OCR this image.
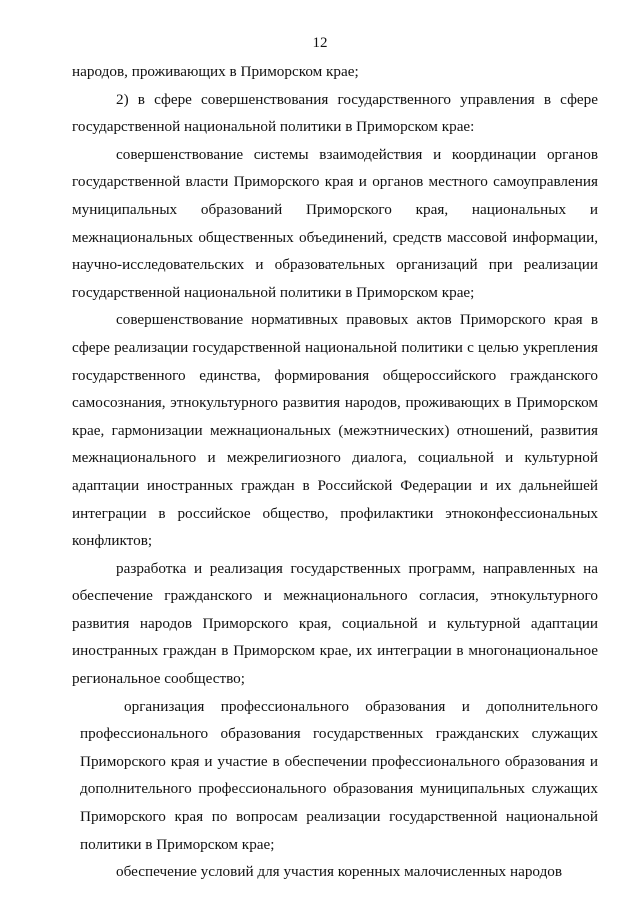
12

народов, проживающих в Приморском крае;

2) в сфере совершенствования государственного управления в сфере государственной национальной политики в Приморском крае:

совершенствование системы взаимодействия и координации органов государственной власти Приморского края и органов местного самоуправления муниципальных образований Приморского края, национальных и межнациональных общественных объединений, средств массовой информации, научно-исследовательских и образовательных организаций при реализации государственной национальной политики в Приморском крае;

совершенствование нормативных правовых актов Приморского края в сфере реализации государственной национальной политики с целью укрепления государственного единства, формирования общероссийского гражданского самосознания, этнокультурного развития народов, проживающих в Приморском крае, гармонизации межнациональных (межэтнических) отношений, развития межнационального и межрелигиозного диалога, социальной и культурной адаптации иностранных граждан в Российской Федерации и их дальнейшей интеграции в российское общество, профилактики этноконфессиональных конфликтов;

разработка и реализация государственных программ, направленных на обеспечение гражданского и межнационального согласия, этнокультурного развития народов Приморского края, социальной и культурной адаптации иностранных граждан в Приморском крае, их интеграции в многонациональное региональное сообщество;

организация профессионального образования и дополнительного профессионального образования государственных гражданских служащих Приморского края и участие в обеспечении профессионального образования и дополнительного профессионального образования муниципальных служащих Приморского края по вопросам реализации государственной национальной политики в Приморском крае;

обеспечение условий для участия коренных малочисленных народов
